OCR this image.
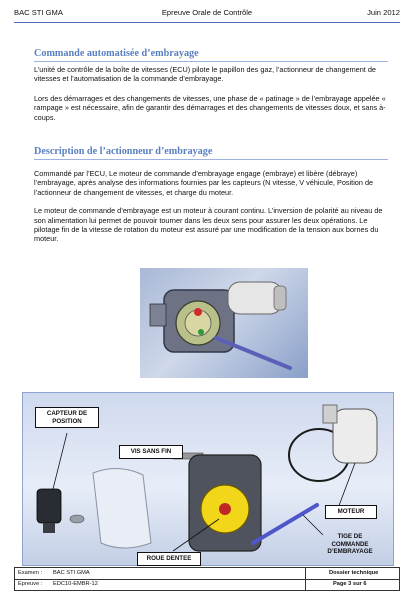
BAC STI GMA	Epreuve Orale de Contrôle	Juin 2012
Commande automatisée d’embrayage

L’unité de contrôle de la boîte de vitesses (ECU) pilote le papillon des gaz, l’actionneur de changement de vitesses et l’automatisation de la commande d’embrayage.

Lors des démarrages et des changements de vitesses, une phase de « patinage » de l’embrayage appelée « rampage » est nécessaire, afin de garantir des démarrages et des changements de vitesses doux, et sans à-coups.

Description de l’actionneur d’embrayage

Commandé par l’ECU, Le moteur de commande d’embrayage engage (embraye) et libère (débraye) l’embrayage, après analyse des informations fournies par les capteurs (N vitesse, V véhicule, Position de l’actionneur de changement de vitesses, et charge du moteur.

Le moteur de commande d’embrayage est un moteur à courant continu. L’inversion de polarité au niveau de son alimentation lui permet de pouvoir tourner dans les deux sens pour assurer les deux opérations. Le pilotage fin de la vitesse de rotation du moteur est assuré par une modification de la tension aux bornes du moteur.

CAPTEUR DE POSITION
VIS SANS FIN
ROUE DENTEE
MOTEUR
TIGE DE COMMANDE D’EMBRAYAGE
Examen : BAC STI GMA	Dossier technique
Epreuve : EDC10-EMBR-12	Page 3 sur 6
